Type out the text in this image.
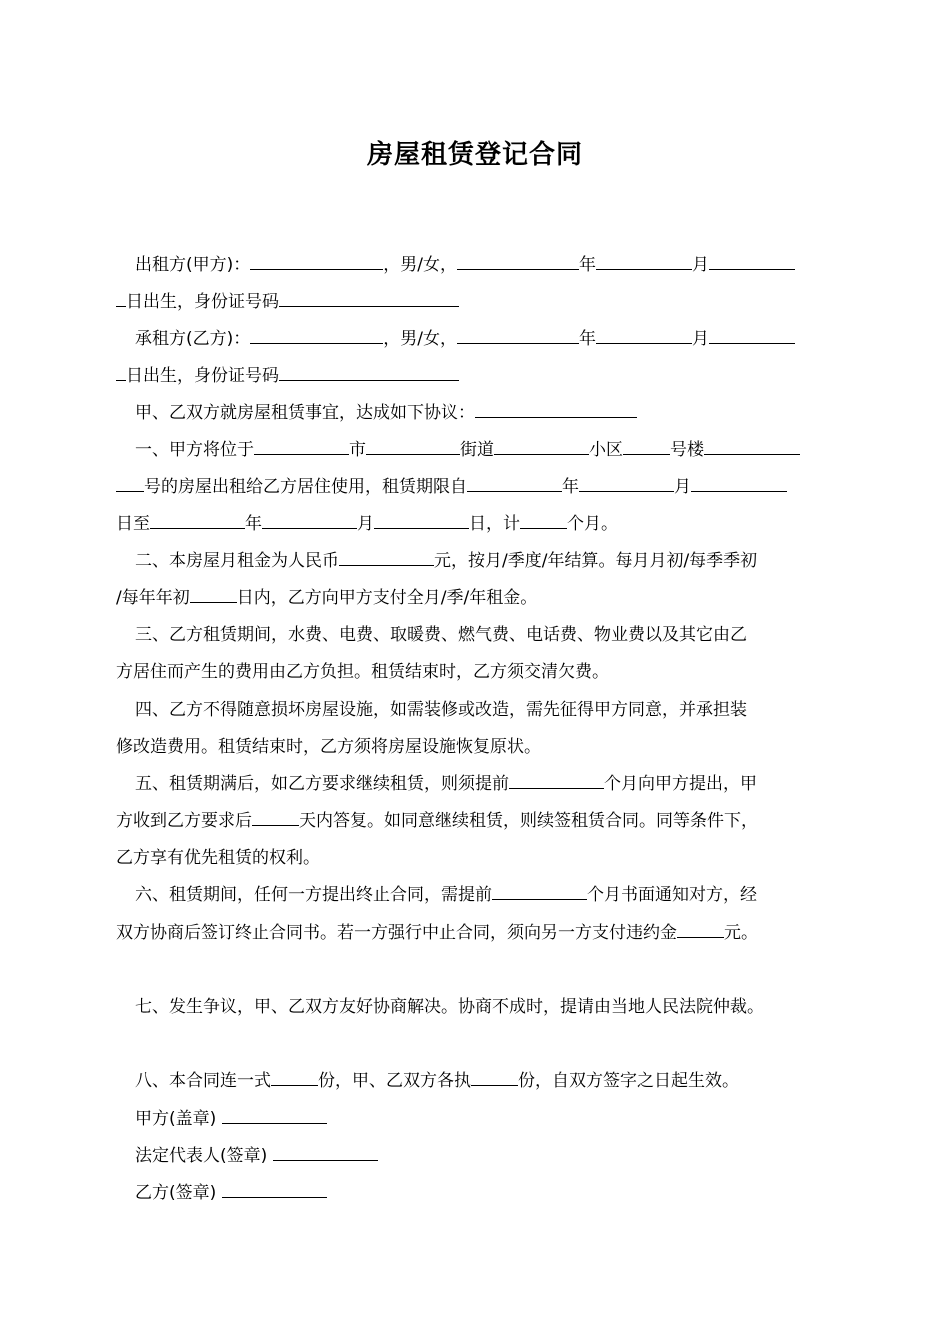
房屋租赁登记合同
出租方(甲方)：	，男/女，	年	月
日出生，身份证号码
承租方(乙方)：	，男/女，	年	月
日出生，身份证号码
甲、乙双方就房屋租赁事宜，达成如下协议：
一、甲方将位于	市	街道	小区	号楼
号的房屋出租给乙方居住使用，租赁期限自	年	月
日至	年	月	日，计	个月。
二、本房屋月租金为人民币	元，按月/季度/年结算。每月月初/每季季初
/每年年初	日内，乙方向甲方支付全月/季/年租金。
三、乙方租赁期间，水费、电费、取暖费、燃气费、电话费、物业费以及其它由乙
方居住而产生的费用由乙方负担。租赁结束时，乙方须交清欠费。
四、乙方不得随意损坏房屋设施，如需装修或改造，需先征得甲方同意，并承担装
修改造费用。租赁结束时，乙方须将房屋设施恢复原状。
五、租赁期满后，如乙方要求继续租赁，则须提前	个月向甲方提出，甲
方收到乙方要求后	天内答复。如同意继续租赁，则续签租赁合同。同等条件下，
乙方享有优先租赁的权利。
六、租赁期间，任何一方提出终止合同，需提前	个月书面通知对方，经
双方协商后签订终止合同书。若一方强行中止合同，须向另一方支付违约金	元。
七、发生争议，甲、乙双方友好协商解决。协商不成时，提请由当地人民法院仲裁。
八、本合同连一式	份，甲、乙双方各执	份，自双方签字之日起生效。
甲方(盖章)
法定代表人(签章)
乙方(签章)
